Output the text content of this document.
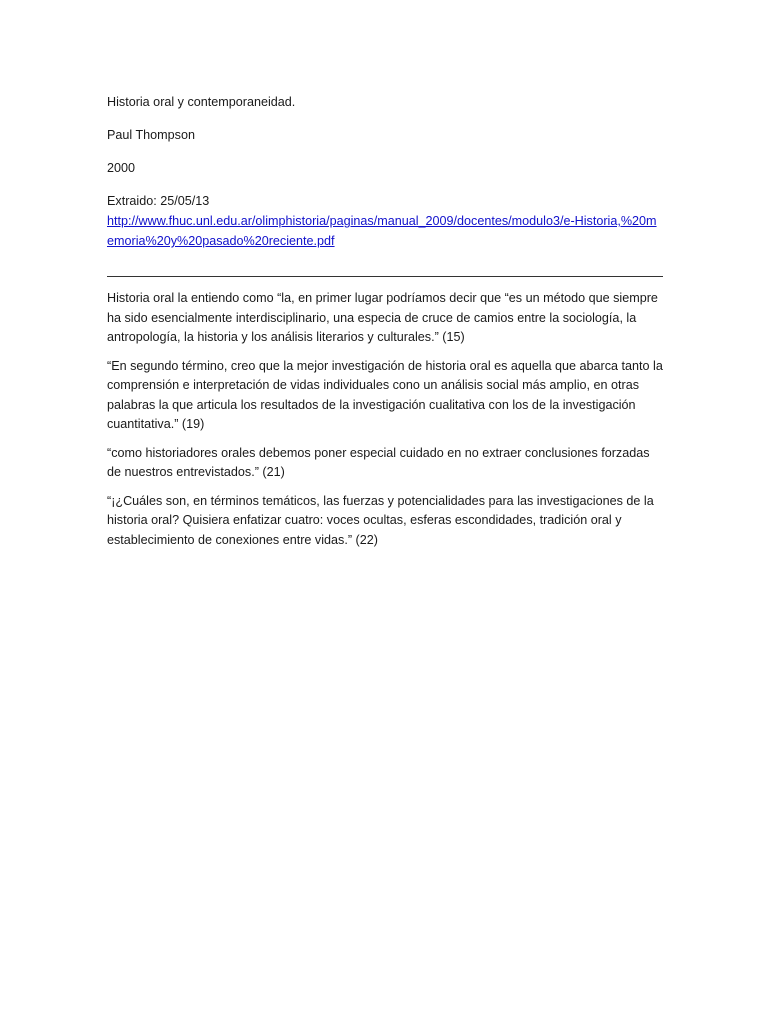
Historia oral y contemporaneidad.

Paul Thompson

2000

Extraido: 25/05/13

http://www.fhuc.unl.edu.ar/olimphistoria/paginas/manual_2009/docentes/modulo3/e-Historia,%20memoria%20y%20pasado%20reciente.pdf

Historia oral la entiendo como “la, en primer lugar podríamos decir que “es un método que siempre ha sido esencialmente interdisciplinario, una especia de cruce de camios entre la sociología, la antropología, la historia y los análisis literarios y culturales.” (15)

“En segundo término, creo que la mejor investigación de historia oral es aquella que abarca tanto la comprensión e interpretación de vidas individuales cono un análisis social más amplio, en otras palabras la que articula los resultados de la investigación cualitativa con los de la investigación cuantitativa.” (19)

“como historiadores orales debemos poner especial cuidado en no extraer conclusiones forzadas de nuestros entrevistados.” (21)

“¡¿Cuáles son, en términos temáticos, las fuerzas y potencialidades para las investigaciones de la historia oral? Quisiera enfatizar cuatro: voces ocultas, esferas escondidades, tradición oral y establecimiento de conexiones entre vidas.” (22)
